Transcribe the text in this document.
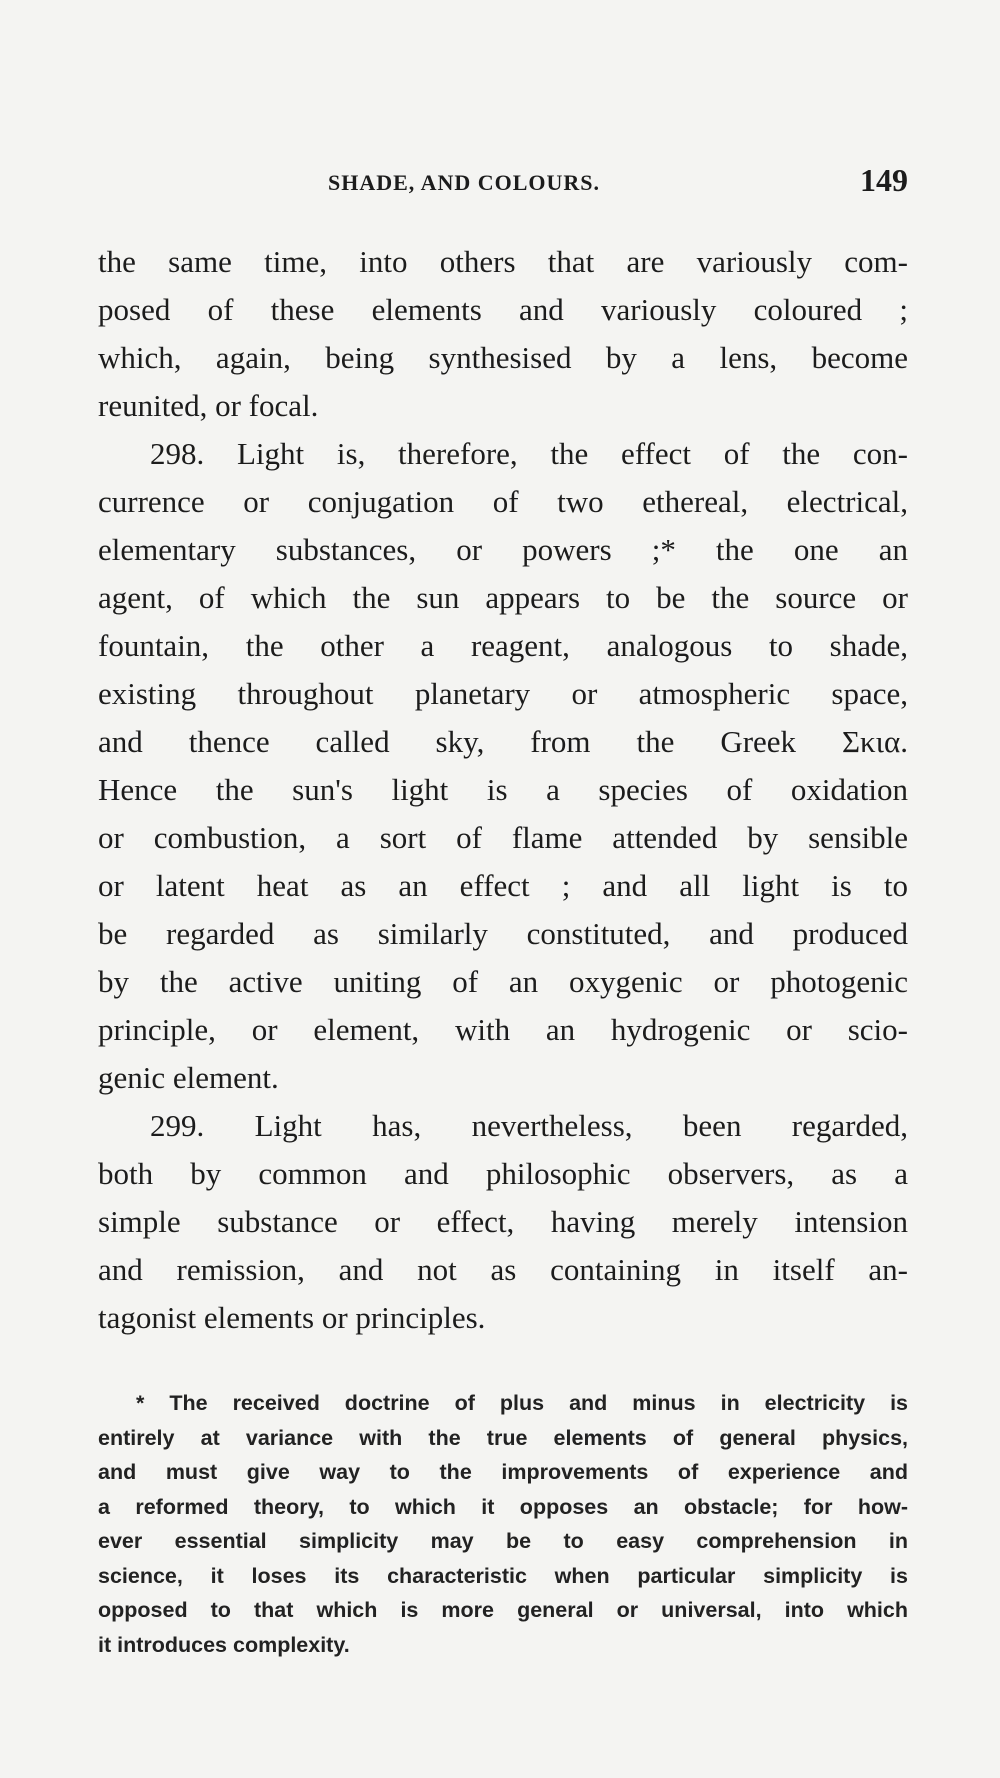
SHADE, AND COLOURS.	149
the same time, into others that are variously com-
posed of these elements and variously coloured ;
which, again, being synthesised by a lens, become
reunited, or focal.
298. Light is, therefore, the effect of the con-
currence or conjugation of two ethereal, electrical,
elementary substances, or powers ;* the one an
agent, of which the sun appears to be the source or
fountain, the other a reagent, analogous to shade,
existing throughout planetary or atmospheric space,
and thence called sky, from the Greek Σκια.
Hence the sun's light is a species of oxidation
or combustion, a sort of flame attended by sensible
or latent heat as an effect ; and all light is to
be regarded as similarly constituted, and produced
by the active uniting of an oxygenic or photogenic
principle, or element, with an hydrogenic or scio-
genic element.
299. Light has, nevertheless, been regarded,
both by common and philosophic observers, as a
simple substance or effect, having merely intension
and remission, and not as containing in itself an-
tagonist elements or principles.
* The received doctrine of plus and minus in electricity is
entirely at variance with the true elements of general physics,
and must give way to the improvements of experience and
a reformed theory, to which it opposes an obstacle; for how-
ever essential simplicity may be to easy comprehension in
science, it loses its characteristic when particular simplicity is
opposed to that which is more general or universal, into which
it introduces complexity.
